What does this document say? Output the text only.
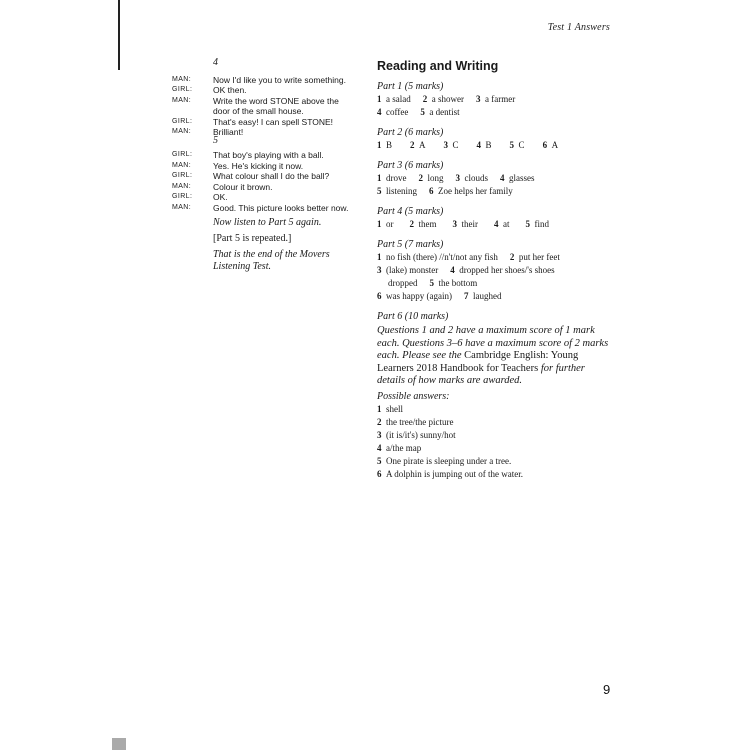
Test 1 Answers
4
MAN:	Now I'd like you to write something.
GIRL:	OK then.
MAN:	Write the word STONE above the door of the small house.
GIRL:	That's easy! I can spell STONE!
MAN:	Brilliant!
5
GIRL:	That boy's playing with a ball.
MAN:	Yes. He's kicking it now.
GIRL:	What colour shall I do the ball?
MAN:	Colour it brown.
GIRL:	OK.
MAN:	Good. This picture looks better now.
Now listen to Part 5 again.
[Part 5 is repeated.]
That is the end of the Movers Listening Test.
Reading and Writing
Part 1 (5 marks)
1 a salad 2 a shower 3 a farmer
4 coffee 5 a dentist
Part 2 (6 marks)
1 B 2 A 3 C 4 B 5 C 6 A
Part 3 (6 marks)
1 drove 2 long 3 clouds 4 glasses
5 listening 6 Zoe helps her family
Part 4 (5 marks)
1 or 2 them 3 their 4 at 5 find
Part 5 (7 marks)
1 no fish (there) //n't/not any fish 2 put her feet
3 (lake) monster 4 dropped her shoes/'s shoes
dropped 5 the bottom
6 was happy (again) 7 laughed
Part 6 (10 marks)
Questions 1 and 2 have a maximum score of 1 mark each. Questions 3–6 have a maximum score of 2 marks each. Please see the Cambridge English: Young Learners 2018 Handbook for Teachers for further details of how marks are awarded.
Possible answers:
1 shell
2 the tree/the picture
3 (it is/it's) sunny/hot
4 a/the map
5 One pirate is sleeping under a tree.
6 A dolphin is jumping out of the water.
9
